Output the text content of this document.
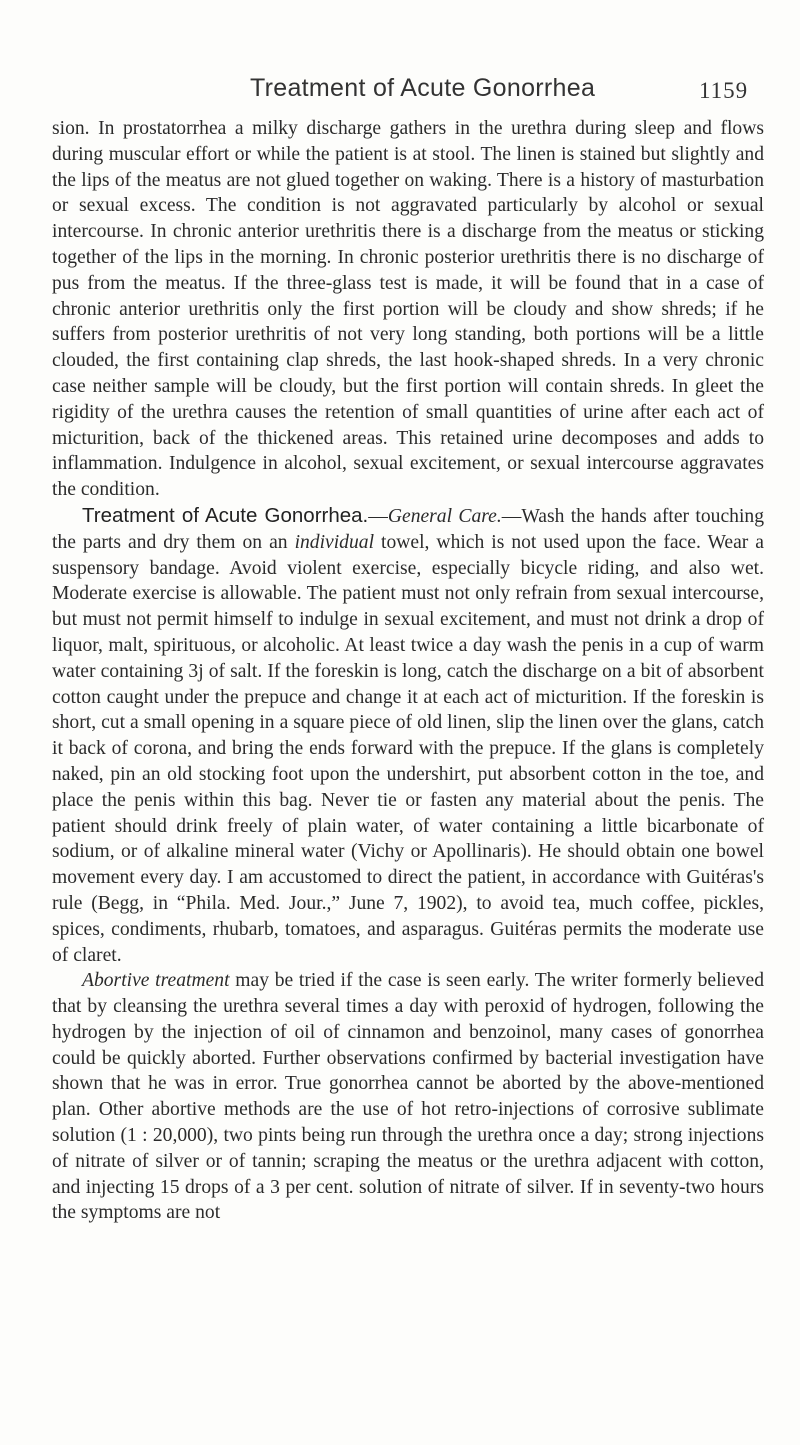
Treatment of Acute Gonorrhea	1159

sion. In prostatorrhea a milky discharge gathers in the urethra during sleep and flows during muscular effort or while the patient is at stool. The linen is stained but slightly and the lips of the meatus are not glued together on waking. There is a history of masturbation or sexual excess. The condition is not aggravated particularly by alcohol or sexual intercourse. In chronic anterior urethritis there is a discharge from the meatus or sticking together of the lips in the morning. In chronic posterior urethritis there is no discharge of pus from the meatus. If the three-glass test is made, it will be found that in a case of chronic anterior urethritis only the first portion will be cloudy and show shreds; if he suffers from posterior urethritis of not very long standing, both portions will be a little clouded, the first containing clap shreds, the last hook-shaped shreds. In a very chronic case neither sample will be cloudy, but the first portion will contain shreds. In gleet the rigidity of the urethra causes the retention of small quantities of urine after each act of micturition, back of the thickened areas. This retained urine decomposes and adds to inflammation. Indulgence in alcohol, sexual excitement, or sexual intercourse aggravates the condition.

Treatment of Acute Gonorrhea.—General Care.—Wash the hands after touching the parts and dry them on an individual towel, which is not used upon the face. Wear a suspensory bandage. Avoid violent exercise, especially bicycle riding, and also wet. Moderate exercise is allowable. The patient must not only refrain from sexual intercourse, but must not permit himself to indulge in sexual excitement, and must not drink a drop of liquor, malt, spirituous, or alcoholic. At least twice a day wash the penis in a cup of warm water containing 3j of salt. If the foreskin is long, catch the discharge on a bit of absorbent cotton caught under the prepuce and change it at each act of micturition. If the foreskin is short, cut a small opening in a square piece of old linen, slip the linen over the glans, catch it back of corona, and bring the ends forward with the prepuce. If the glans is completely naked, pin an old stocking foot upon the undershirt, put absorbent cotton in the toe, and place the penis within this bag. Never tie or fasten any material about the penis. The patient should drink freely of plain water, of water containing a little bicarbonate of sodium, or of alkaline mineral water (Vichy or Apollinaris). He should obtain one bowel movement every day. I am accustomed to direct the patient, in accordance with Guitéras's rule (Begg, in “Phila. Med. Jour.,” June 7, 1902), to avoid tea, much coffee, pickles, spices, condiments, rhubarb, tomatoes, and asparagus. Guitéras permits the moderate use of claret.

Abortive treatment may be tried if the case is seen early. The writer formerly believed that by cleansing the urethra several times a day with peroxid of hydrogen, following the hydrogen by the injection of oil of cinnamon and benzoinol, many cases of gonorrhea could be quickly aborted. Further observations confirmed by bacterial investigation have shown that he was in error. True gonorrhea cannot be aborted by the above-mentioned plan. Other abortive methods are the use of hot retro-injections of corrosive sublimate solution (1 : 20,000), two pints being run through the urethra once a day; strong injections of nitrate of silver or of tannin; scraping the meatus or the urethra adjacent with cotton, and injecting 15 drops of a 3 per cent. solution of nitrate of silver. If in seventy-two hours the symptoms are not
